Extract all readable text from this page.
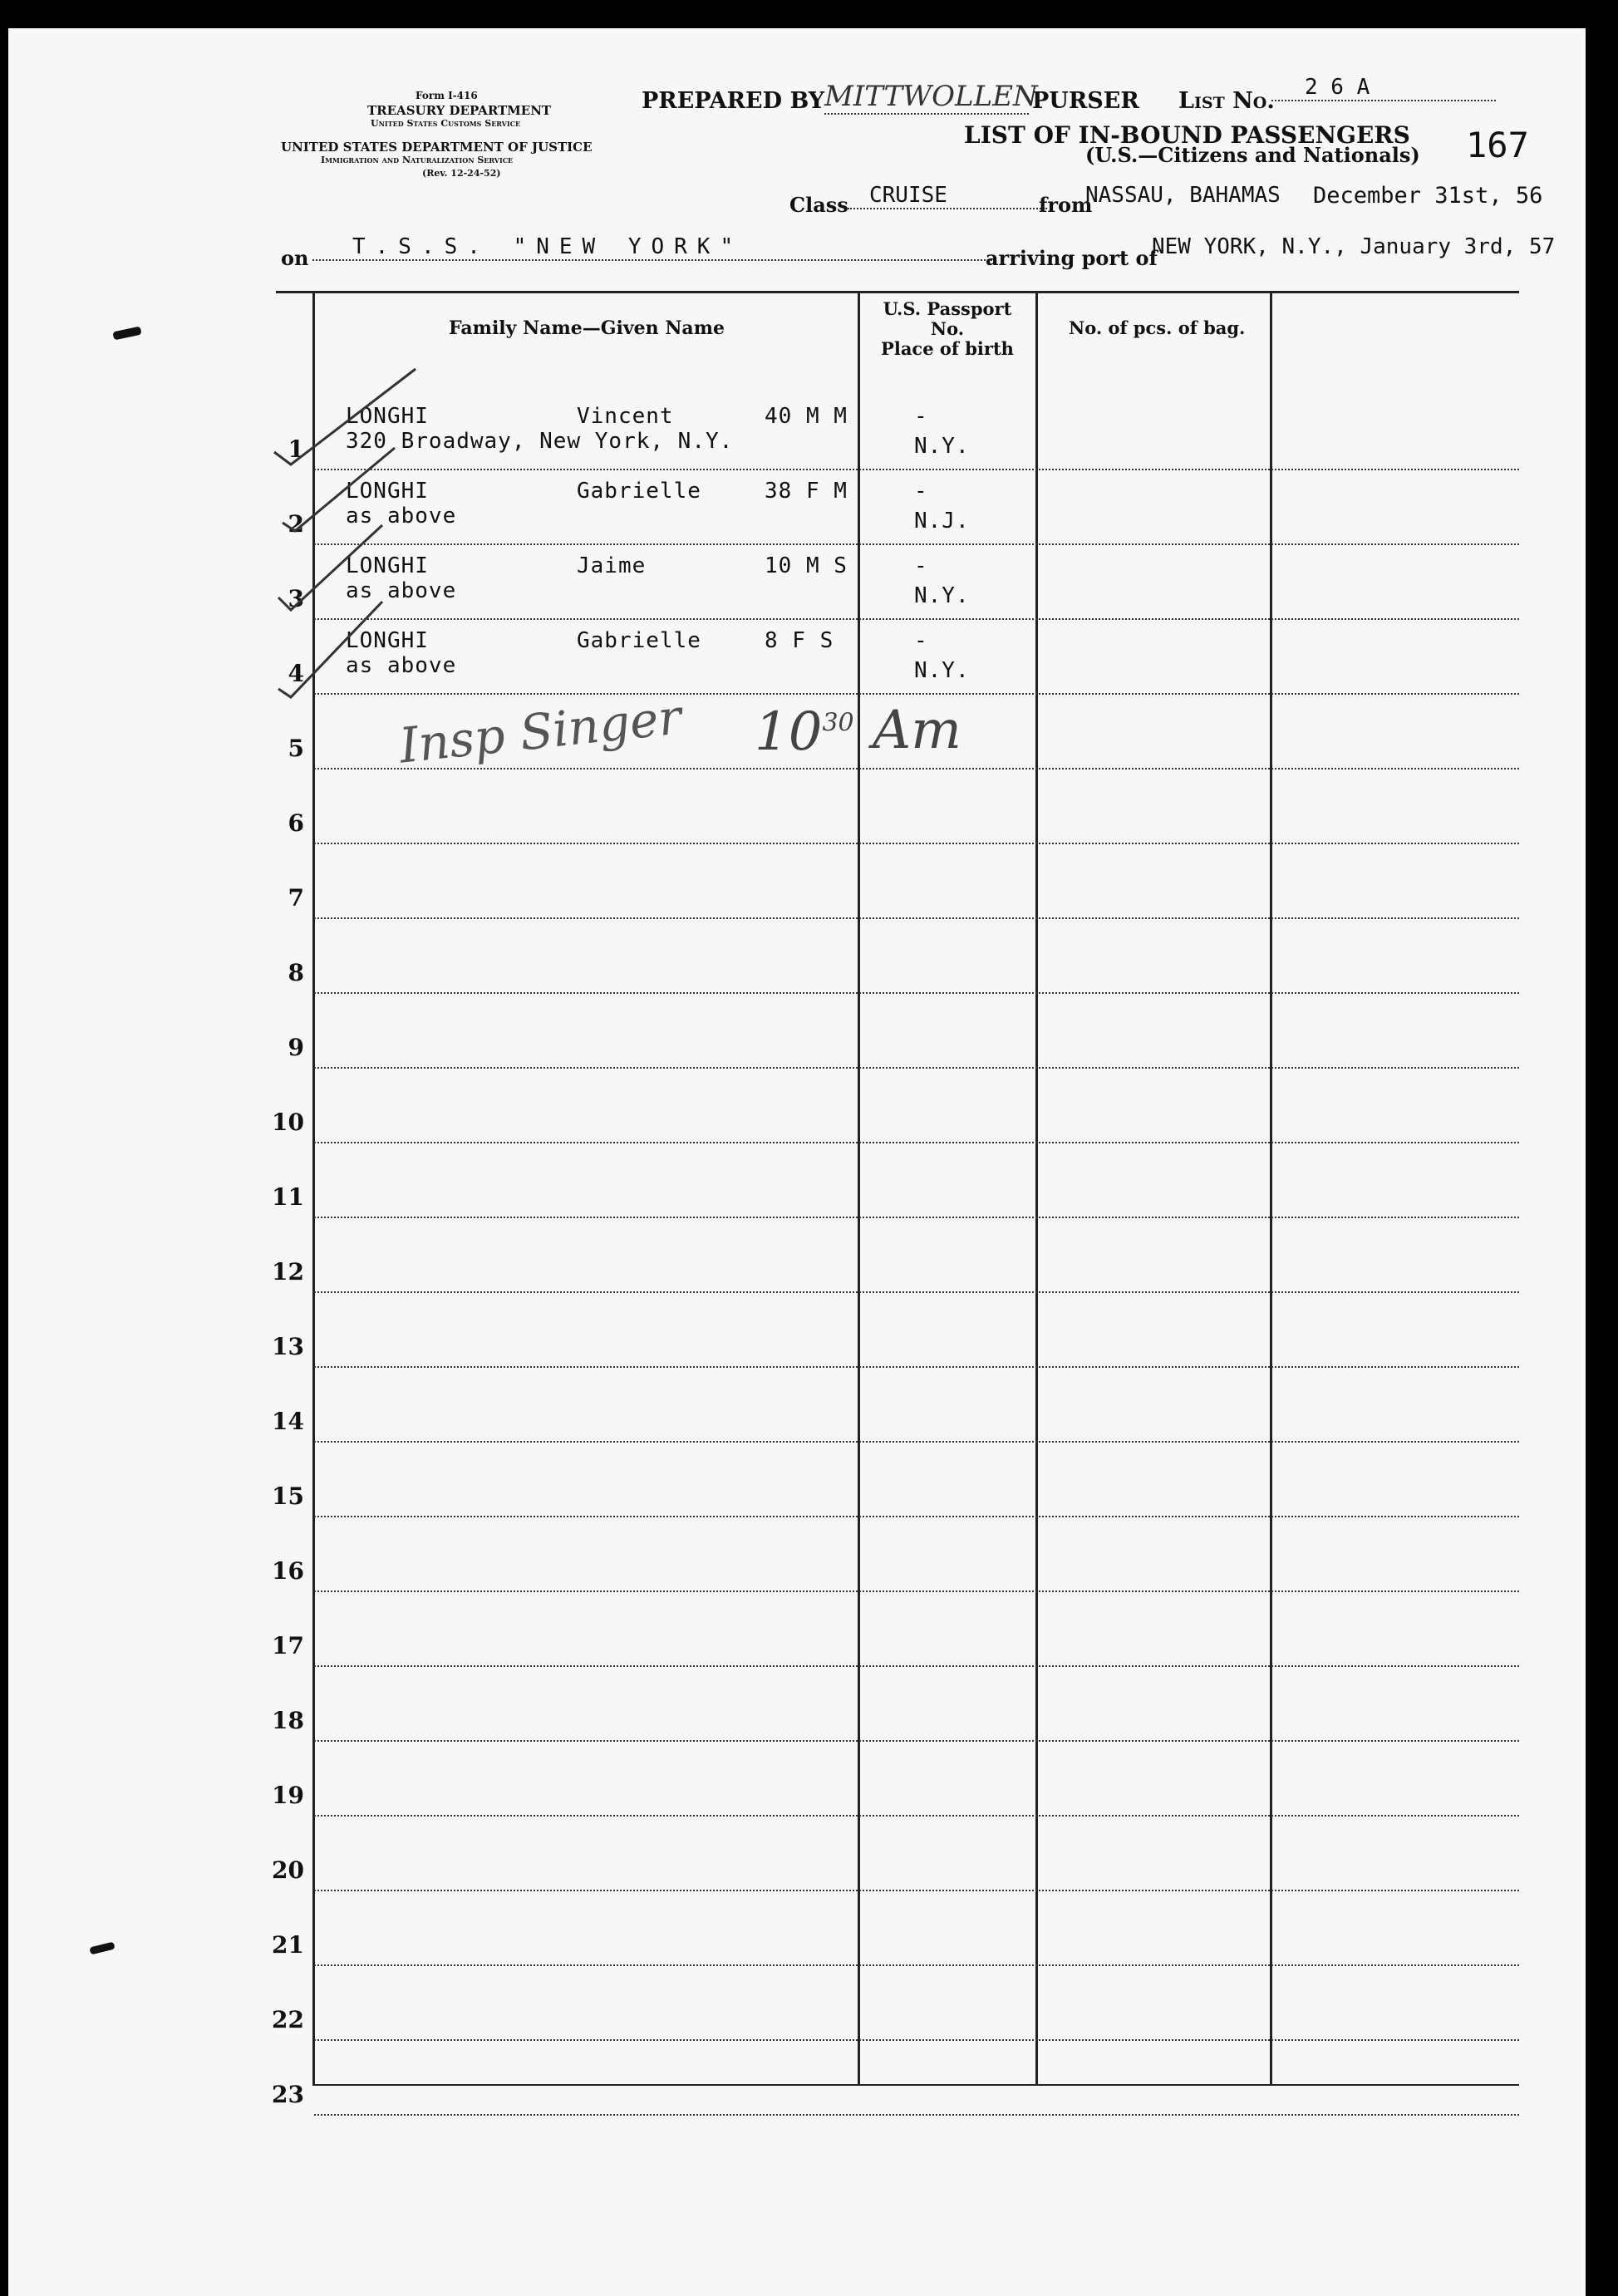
Form I-416
TREASURY DEPARTMENT
United States Customs Service
UNITED STATES DEPARTMENT OF JUSTICE
Immigration and Naturalization Service
(Rev. 12-24-52)
PREPARED BY MITTWOLLEN
PURSER List No.
2 6 A
LIST OF IN-BOUND PASSENGERS
(U.S.—Citizens and Nationals) 167
Class CRUISE	from
NASSAU, BAHAMAS December 31st, 56
on	T.S.S. "NEW YORK"	arriving port of
NEW YORK, N.Y., January 3rd, 57
Family Name—Given Name
U.S. Passport
No.
Place of birth
No. of pcs. of bag.
1
LONGHI	Vincent	40 M M
320 Broadway, New York, N.Y.
-
N.Y.
2
LONGHI	Gabrielle	38 F M
as above
-
N.J.
3
LONGHI	Jaime	10 M S
as above
-
N.Y.
4
LONGHI	Gabrielle	8 F S
as above
-
N.Y.
5
6
7
8
9
10
11
12
13
14
15
16
17
18
19
20
21
22
23
Insp Singer $10^{30}$ Am
